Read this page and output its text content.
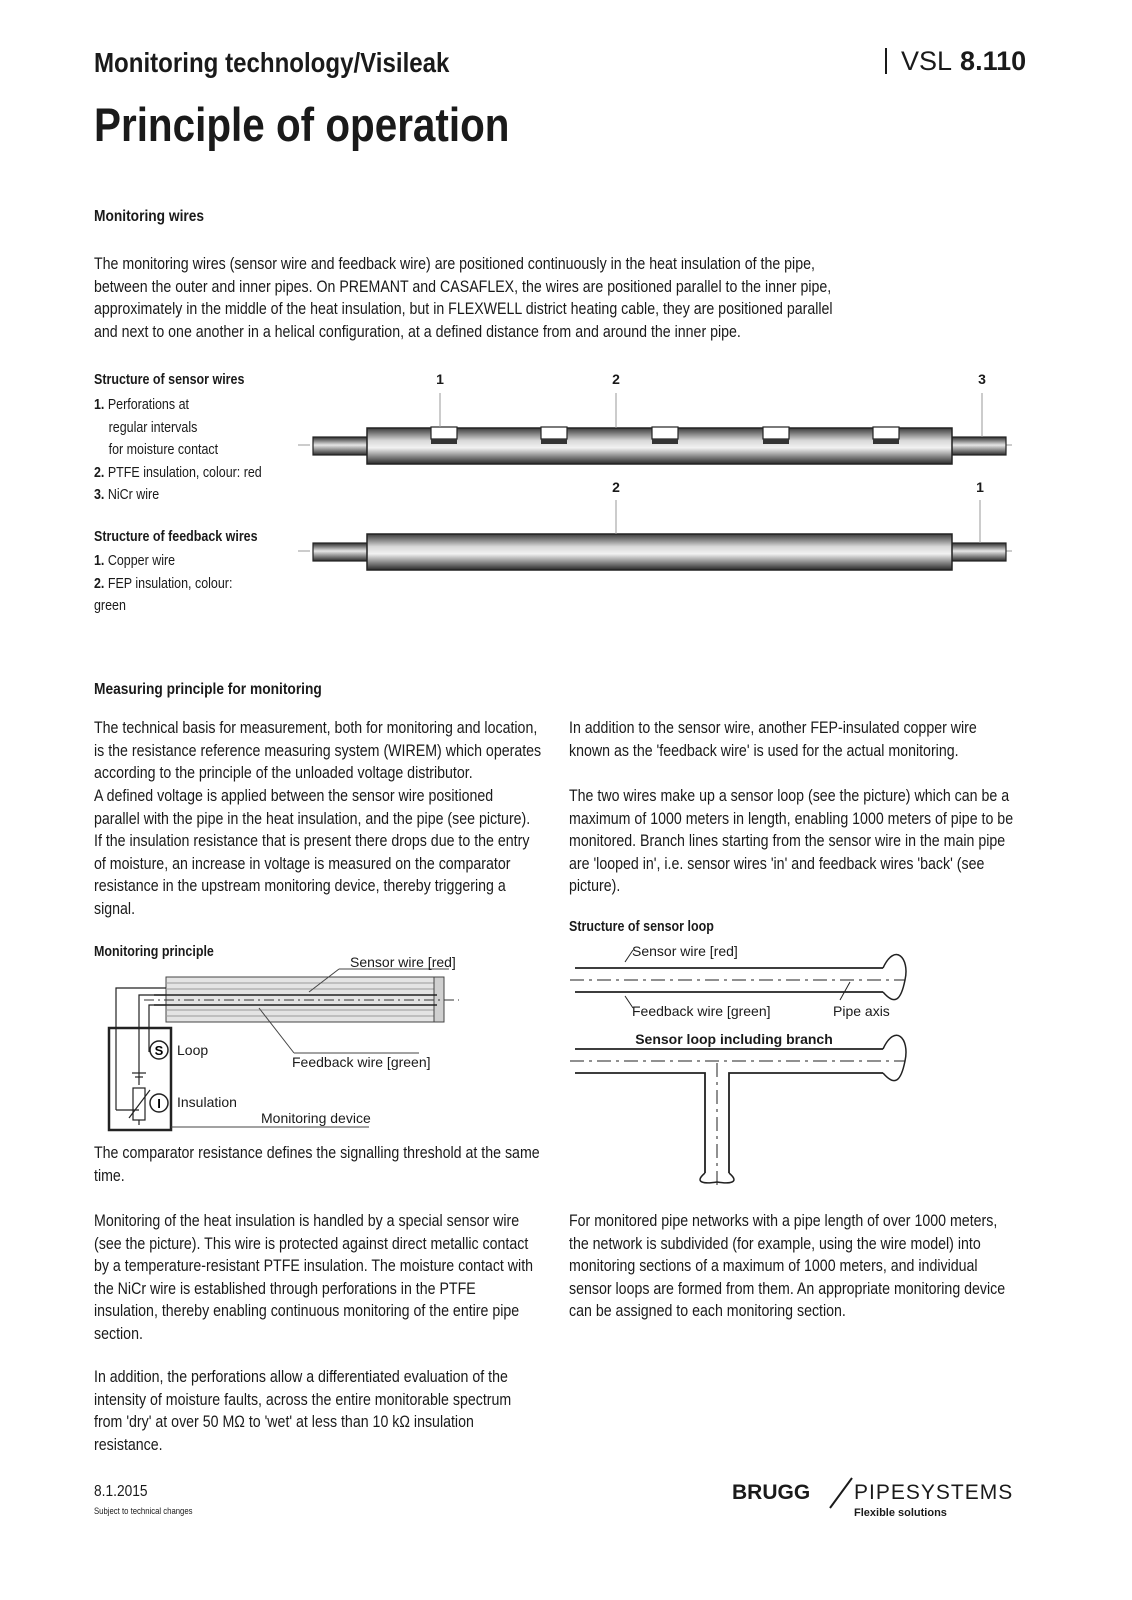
Monitoring technology/Visileak	VSL 8.110
Principle of operation
Monitoring wires
The monitoring wires (sensor wire and feedback wire) are positioned continuously in the heat insulation of the pipe, between the outer and inner pipes. On PREMANT and CASAFLEX, the wires are positioned parallel to the inner pipe, approximately in the middle of the heat insulation, but in FLEXWELL district heating cable, they are positioned parallel and next to one another in a helical configuration, at a defined distance from and around the inner pipe.
Structure of sensor wires
1. Perforations at
regular intervals
for moisture contact
2. PTFE insulation, colour: red
3. NiCr wire
Structure of feedback wires
1. Copper wire
2. FEP insulation, colour:
green
1	2	3
2	1
Measuring principle for monitoring
The technical basis for measurement, both for monitoring and location, is the resistance reference measuring system (WIREM) which operates according to the principle of the unloaded voltage distributor.
A defined voltage is applied between the sensor wire positioned parallel with the pipe in the heat insulation, and the pipe (see picture). If the insulation resistance that is present there drops due to the entry of moisture, an increase in voltage is measured on the comparator resistance in the upstream monitoring device, thereby triggering a signal.
In addition to the sensor wire, another FEP-insulated copper wire known as the 'feedback wire' is used for the actual monitoring.
The two wires make up a sensor loop (see the picture) which can be a maximum of 1000 meters in length, enabling 1000 meters of pipe to be monitored. Branch lines starting from the sensor wire in the main pipe are 'looped in', i.e. sensor wires 'in' and feedback wires 'back' (see picture).
Monitoring principle
S
I
Sensor wire [red]
Feedback wire [green]
Loop
Insulation
Monitoring device
Structure of sensor loop
Sensor wire [red]
Feedback wire [green]	Pipe axis
Sensor loop including branch
The comparator resistance defines the signalling threshold at the same time.
Monitoring of the heat insulation is handled by a special sensor wire (see the picture). This wire is protected against direct metallic contact by a temperature-resistant PTFE insulation. The moisture contact with the NiCr wire is established through perforations in the PTFE insulation, thereby enabling continuous monitoring of the entire pipe section.
In addition, the perforations allow a differentiated evaluation of the intensity of moisture faults, across the entire monitorable spectrum from 'dry' at over 50 MΩ to 'wet' at less than 10 kΩ insulation resistance.
For monitored pipe networks with a pipe length of over 1000 meters, the network is subdivided (for example, using the wire model) into monitoring sections of a maximum of 1000 meters, and individual sensor loops are formed from them. An appropriate monitoring device can be assigned to each monitoring section.
8.1.2015
Subject to technical changes
BRUGG PIPESYSTEMS
Flexible solutions
